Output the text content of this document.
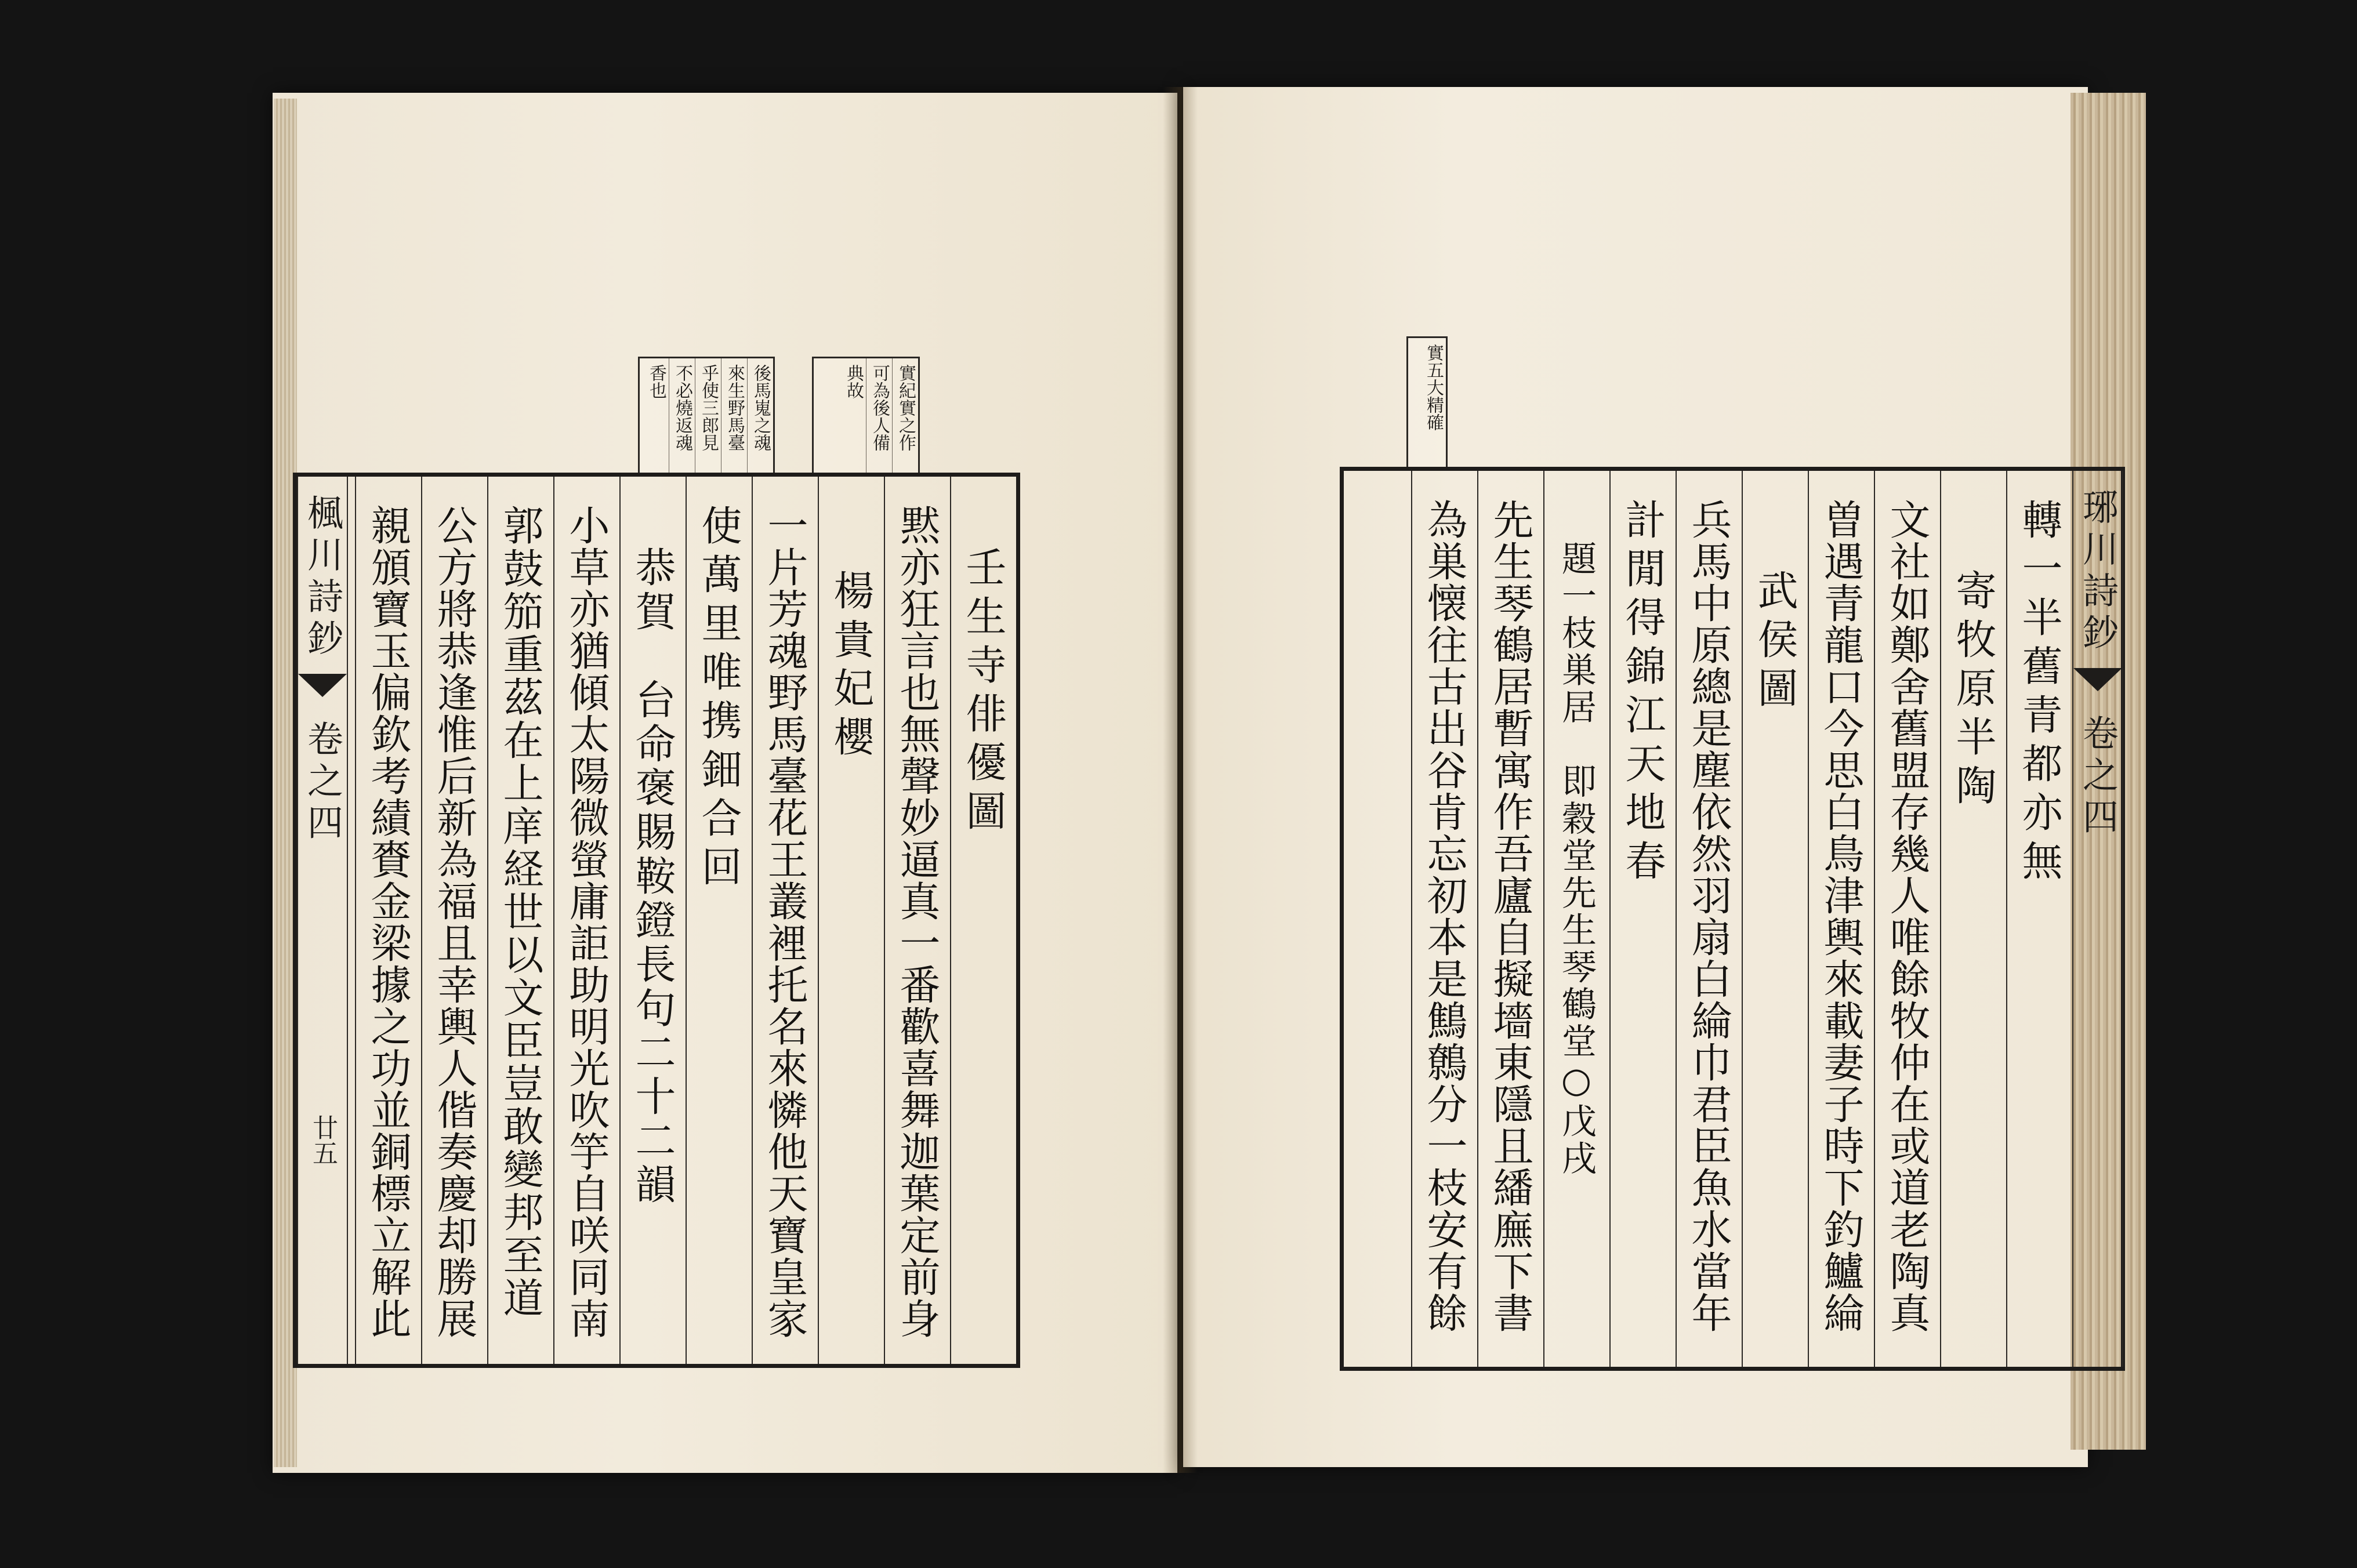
後馬嵬之魂
來生野馬臺
乎使三郎見
不必燒返魂
香也	實紀實之作
可為後人備
典故	實五大精確
壬生寺俳優圖
黙亦狂言也無聲妙逼真一番歡喜舞迦葉定前身
楊貴妃櫻
一片芳魂野馬臺花王叢裡托名來憐他天寶皇家
使萬里唯携鈿合回
恭賀　台命褒賜鞍鐙長句二十二韻
小草亦猶傾太陽微螢庸詎助明光吹竽自咲同南
郭鼓笳重茲在上庠経世以文臣豈敢變邦至道
公方將恭逢惟后新為福且幸輿人偕奏慶却勝展
親頒寶玉偏欽考績賚金梁據之功並銅標立解此
楓川詩鈔
卷之四
廿五
琊川詩鈔
卷之四
轉一半舊青都亦無
寄牧原半陶
文社如鄭舍舊盟存幾人唯餘牧仲在或道老陶真
曽遇青龍口今思白鳥津輿來載妻子時下釣鱸綸
武侯圖
兵馬中原總是塵依然羽扇白綸巾君臣魚水當年
計閒得錦江天地春
題一枝巣居　即穀堂先生琴鶴堂○戊戌
先生琴鶴居暫寓作吾廬自擬墻東隱且繙廡下書
為巣懐往古出谷肯忘初本是鷦鷯分一枝安有餘
